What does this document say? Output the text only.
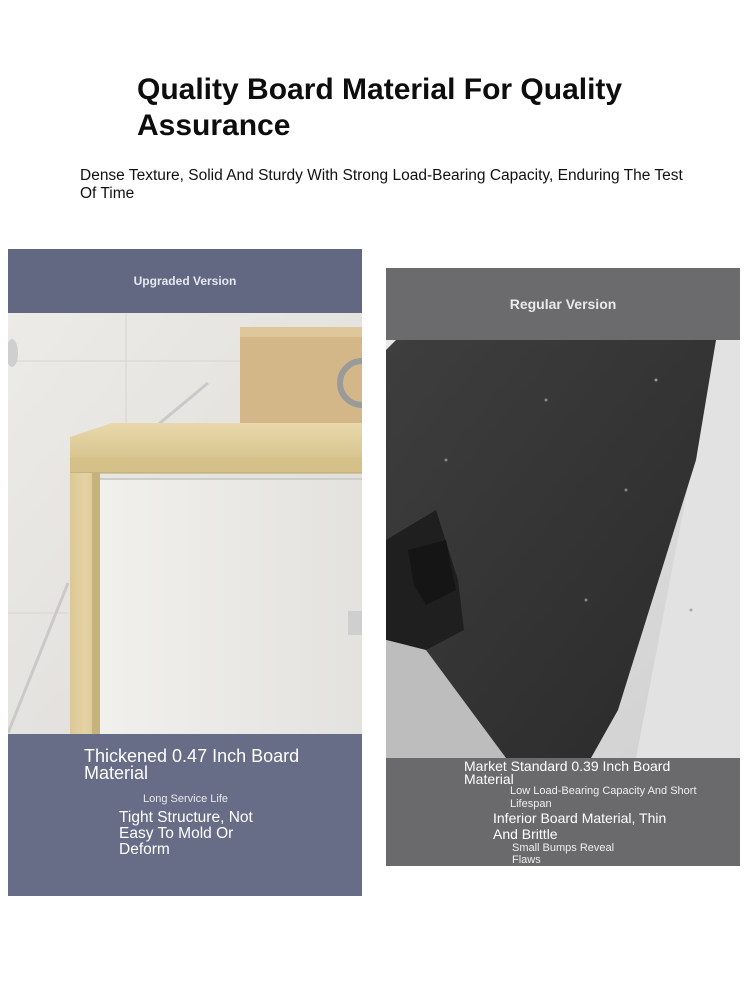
Quality Board Material For Quality Assurance

Dense Texture, Solid And Sturdy With Strong Load-Bearing Capacity, Enduring The Test Of Time

Upgraded Version
Thickened 0.47 Inch Board Material
Long Service Life
Tight Structure, Not Easy To Mold Or Deform
Regular Version
Market Standard 0.39 Inch Board Material
Low Load-Bearing Capacity And Short Lifespan
Inferior Board Material, Thin And Brittle
Small Bumps Reveal Flaws
